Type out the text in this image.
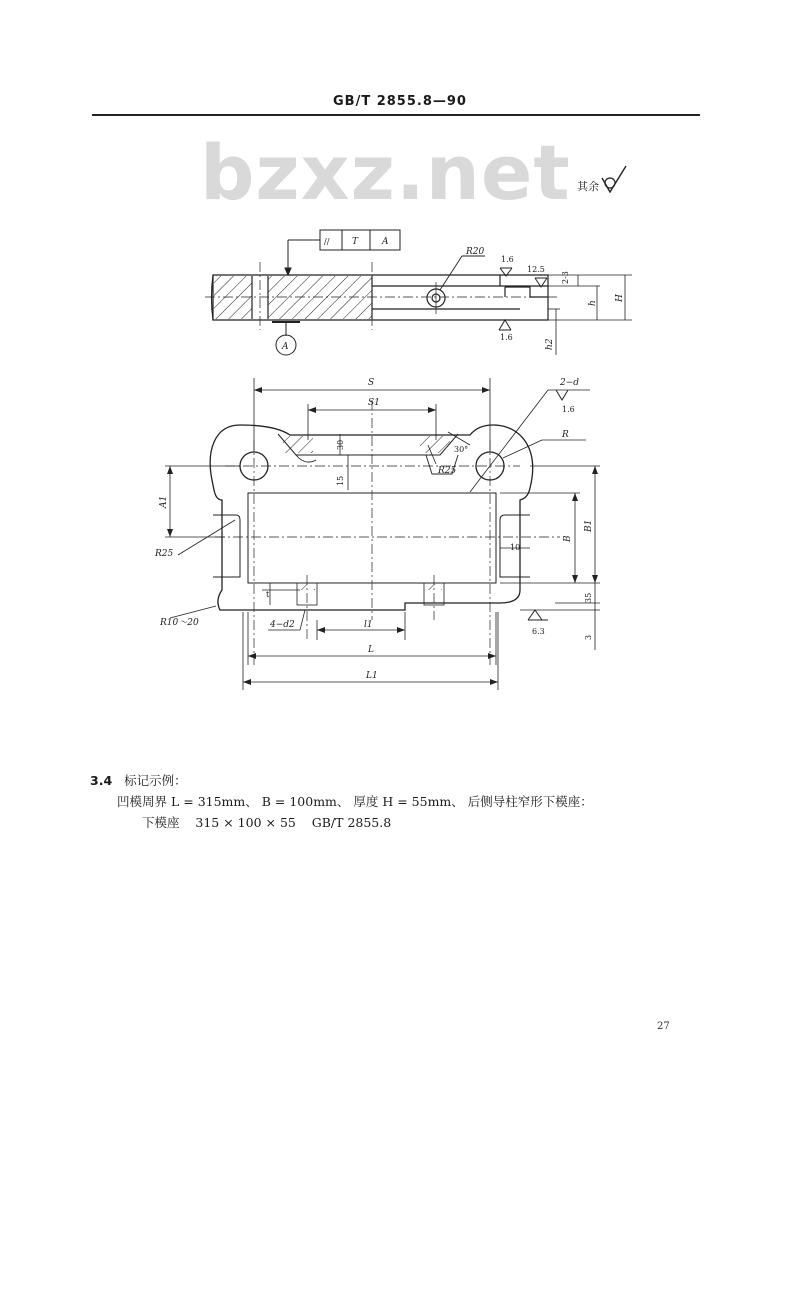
GB/T 2855.8—90
bzxz.net 其余
//	T	A
A
R20
1.6
12.5
1.6
2-3
h
H
h2
S
S1
2−d
1.6
R
30	30°
R25
15
A1
R25
10
B
B1
t	35
R10～20	4−d2	l1
6.3
3
L
L1
3.4 标记示例：
凹模周界 L = 315mm、 B = 100mm、 厚度 H = 55mm、 后侧导柱窄形下模座：
下模座    315 × 100 × 55    GB/T 2855.8
27
